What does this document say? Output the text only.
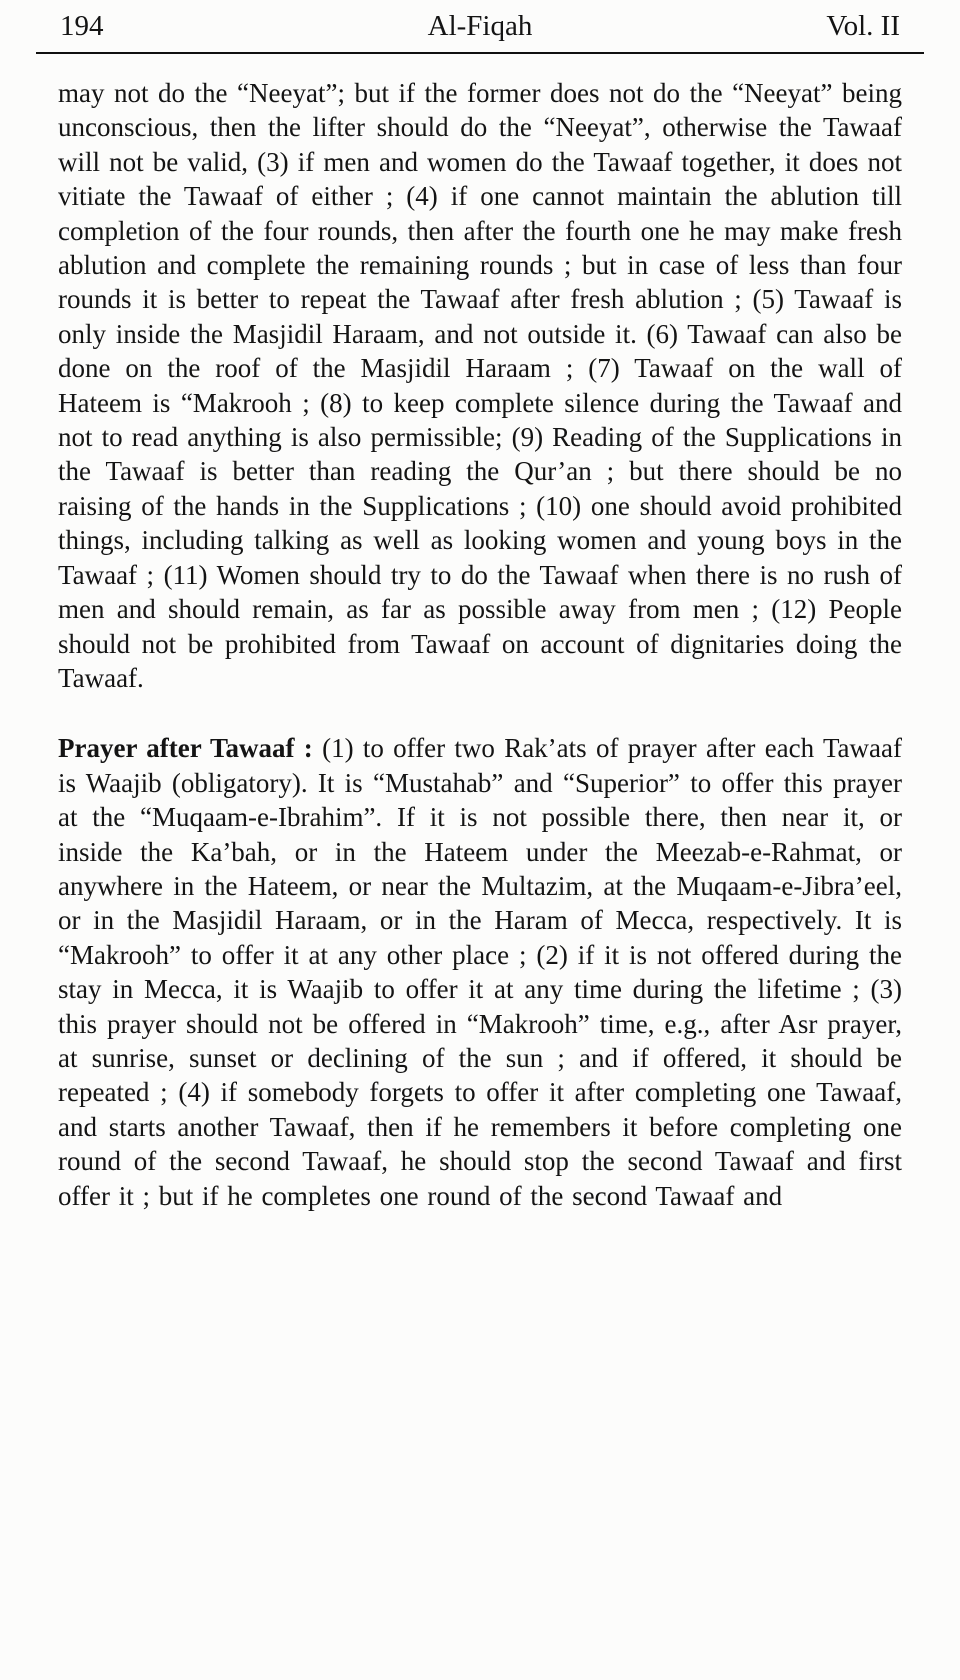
194	Al-Fiqah	Vol. II

may not do the “Neeyat”; but if the former does not do the “Neeyat” being unconscious, then the lifter should do the “Neeyat”, otherwise the Tawaaf will not be valid, (3) if men and women do the Tawaaf together, it does not vitiate the Tawaaf of either ; (4) if one cannot maintain the ablution till completion of the four rounds, then after the fourth one he may make fresh ablution and complete the remaining rounds ; but in case of less than four rounds it is better to repeat the Tawaaf after fresh ablution ; (5) Tawaaf is only inside the Masjidil Haraam, and not outside it. (6) Tawaaf can also be done on the roof of the Masjidil Haraam ; (7) Tawaaf on the wall of Hateem is “Makrooh ; (8) to keep complete silence during the Tawaaf and not to read anything is also permissible; (9) Reading of the Supplications in the Tawaaf is better than reading the Qur’an ; but there should be no raising of the hands in the Supplications ; (10) one should avoid prohibited things, including talking as well as looking women and young boys in the Tawaaf ; (11) Women should try to do the Tawaaf when there is no rush of men and should remain, as far as possible away from men ; (12) People should not be prohibited from Tawaaf on account of dignitaries doing the Tawaaf.

Prayer after Tawaaf : (1) to offer two Rak’ats of prayer after each Tawaaf is Waajib (obligatory). It is “Mustahab” and “Superior” to offer this prayer at the “Muqaam-e-Ibrahim”. If it is not possible there, then near it, or inside the Ka’bah, or in the Hateem under the Meezab-e-Rahmat, or anywhere in the Hateem, or near the Multazim, at the Muqaam-e-Jibra’eel, or in the Masjidil Haraam, or in the Haram of Mecca, respectively. It is “Makrooh” to offer it at any other place ; (2) if it is not offered during the stay in Mecca, it is Waajib to offer it at any time during the lifetime ; (3) this prayer should not be offered in “Makrooh” time, e.g., after Asr prayer, at sunrise, sunset or declining of the sun ; and if offered, it should be repeated ; (4) if somebody forgets to offer it after completing one Tawaaf, and starts another Tawaaf, then if he remembers it before completing one round of the second Tawaaf, he should stop the second Tawaaf and first offer it ; but if he completes one round of the second Tawaaf and
